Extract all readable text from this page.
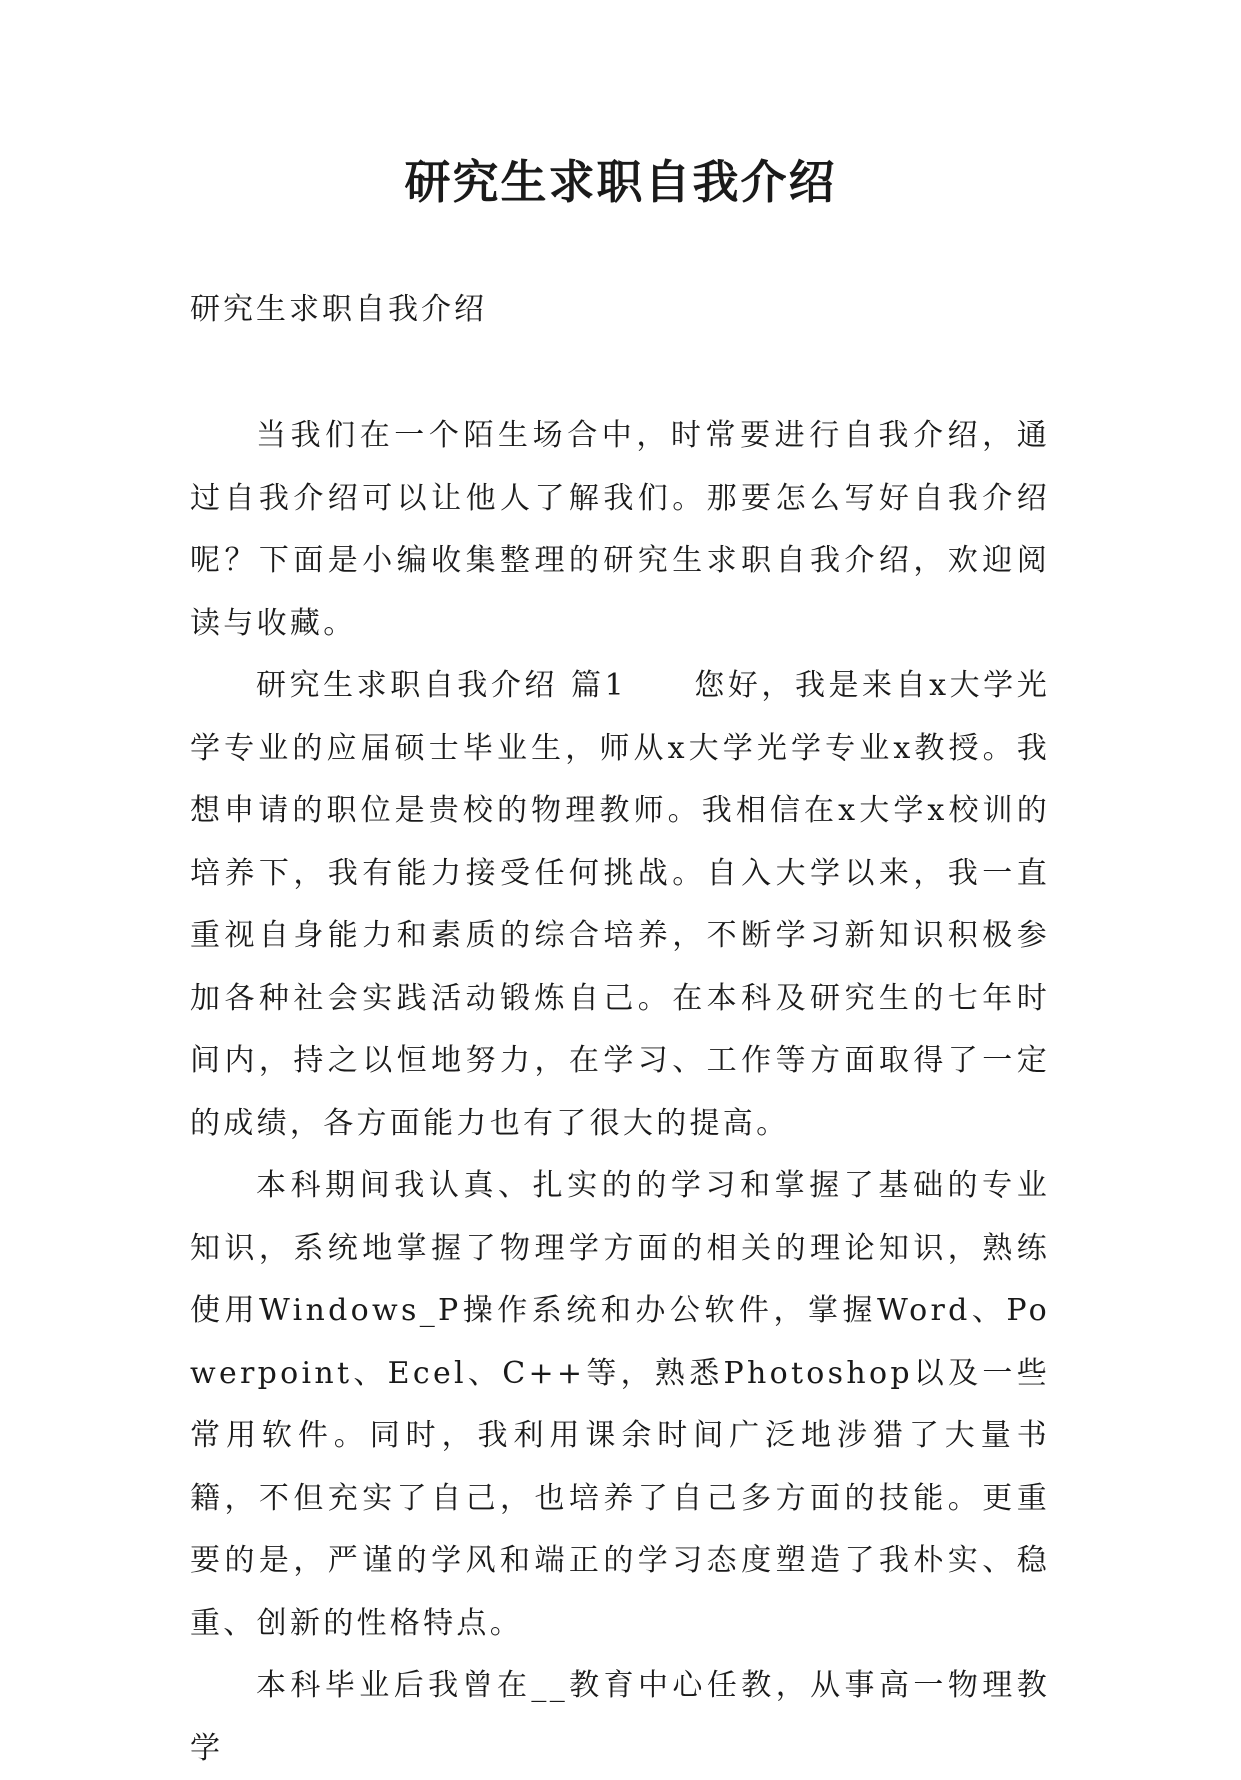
研究生求职自我介绍

研究生求职自我介绍

当我们在一个陌生场合中，时常要进行自我介绍，通过自我介绍可以让他人了解我们。那要怎么写好自我介绍呢？下面是小编收集整理的研究生求职自我介绍，欢迎阅读与收藏。

研究生求职自我介绍 篇1　　您好，我是来自x大学光学专业的应届硕士毕业生，师从x大学光学专业x教授。我想申请的职位是贵校的物理教师。我相信在x大学x校训的培养下，我有能力接受任何挑战。自入大学以来，我一直重视自身能力和素质的综合培养，不断学习新知识积极参加各种社会实践活动锻炼自己。在本科及研究生的七年时间内，持之以恒地努力，在学习、工作等方面取得了一定的成绩，各方面能力也有了很大的提高。

本科期间我认真、扎实的的学习和掌握了基础的专业知识，系统地掌握了物理学方面的相关的理论知识，熟练使用Windows_P操作系统和办公软件，掌握Word、Powerpoint、Ecel、C++等，熟悉Photoshop以及一些常用软件。同时，我利用课余时间广泛地涉猎了大量书籍，不但充实了自己，也培养了自己多方面的技能。更重要的是，严谨的学风和端正的学习态度塑造了我朴实、稳重、创新的性格特点。

本科毕业后我曾在__教育中心任教，从事高一物理教学
